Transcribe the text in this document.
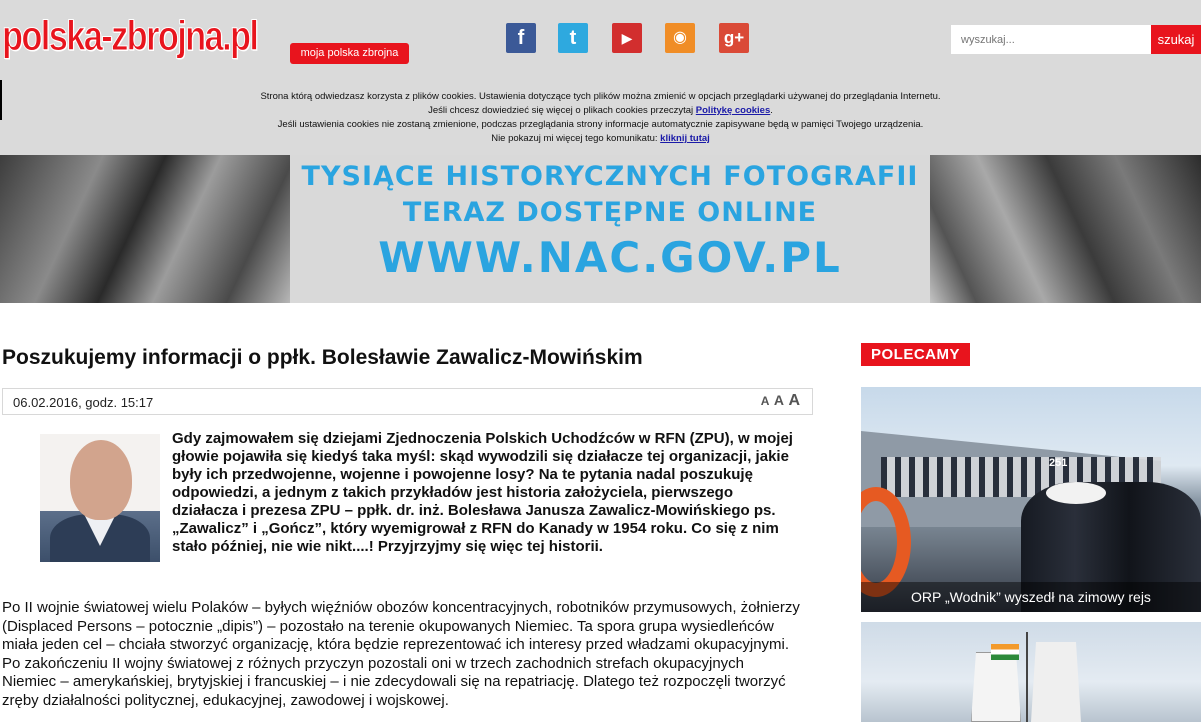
polska-zbrojna.pl	moja polska zbrojna
f	t	▶	◉	g+
wyszukaj...	szukaj
Strona którą odwiedzasz korzysta z plików cookies. Ustawienia dotyczące tych plików można zmienić w opcjach przeglądarki używanej do przeglądania Internetu.
Jeśli chcesz dowiedzieć się więcej o plikach cookies przeczytaj Politykę cookies.
Jeśli ustawienia cookies nie zostaną zmienione, podczas przeglądania strony informacje automatycznie zapisywane będą w pamięci Twojego urządzenia.
Nie pokazuj mi więcej tego komunikatu: kliknij tutaj
TYSIĄCE HISTORYCZNYCH FOTOGRAFII
TERAZ DOSTĘPNE ONLINE
WWW.NAC.GOV.PL
Poszukujemy informacji o ppłk. Bolesławie Zawalicz-Mowińskim
06.02.2016, godz. 15:17	A A A

Gdy zajmowałem się dziejami Zjednoczenia Polskich Uchodźców w RFN (ZPU), w mojej głowie pojawiła się kiedyś taka myśl: skąd wywodzili się działacze tej organizacji, jakie były ich przedwojenne, wojenne i powojenne losy? Na te pytania nadal poszukuję odpowiedzi, a jednym z takich przykładów jest historia założyciela, pierwszego działacza i prezesa ZPU – ppłk. dr. inż. Bolesława Janusza Zawalicz-Mowińskiego ps. „Zawalicz” i „Gończ”, który wyemigrował z RFN do Kanady w 1954 roku. Co się z nim stało później, nie wie nikt....! Przyjrzyjmy się więc tej historii.

Po II wojnie światowej wielu Polaków – byłych więźniów obozów koncentracyjnych, robotników przymusowych, żołnierzy (Displaced Persons – potocznie „dipis”) – pozostało na terenie okupowanych Niemiec. Ta spora grupa wysiedleńców miała jeden cel – chciała stworzyć organizację, która będzie reprezentować ich interesy przed władzami okupacyjnymi. Po zakończeniu II wojny światowej z różnych przyczyn pozostali oni w trzech zachodnich strefach okupacyjnych Niemiec – amerykańskiej, brytyjskiej i francuskiej – i nie zdecydowali się na repatriację. Dlatego też rozpoczęli tworzyć zręby działalności politycznej, edukacyjnej, zawodowej i wojskowej.

POLECAMY
251
ORP „Wodnik” wyszedł na zimowy rejs
